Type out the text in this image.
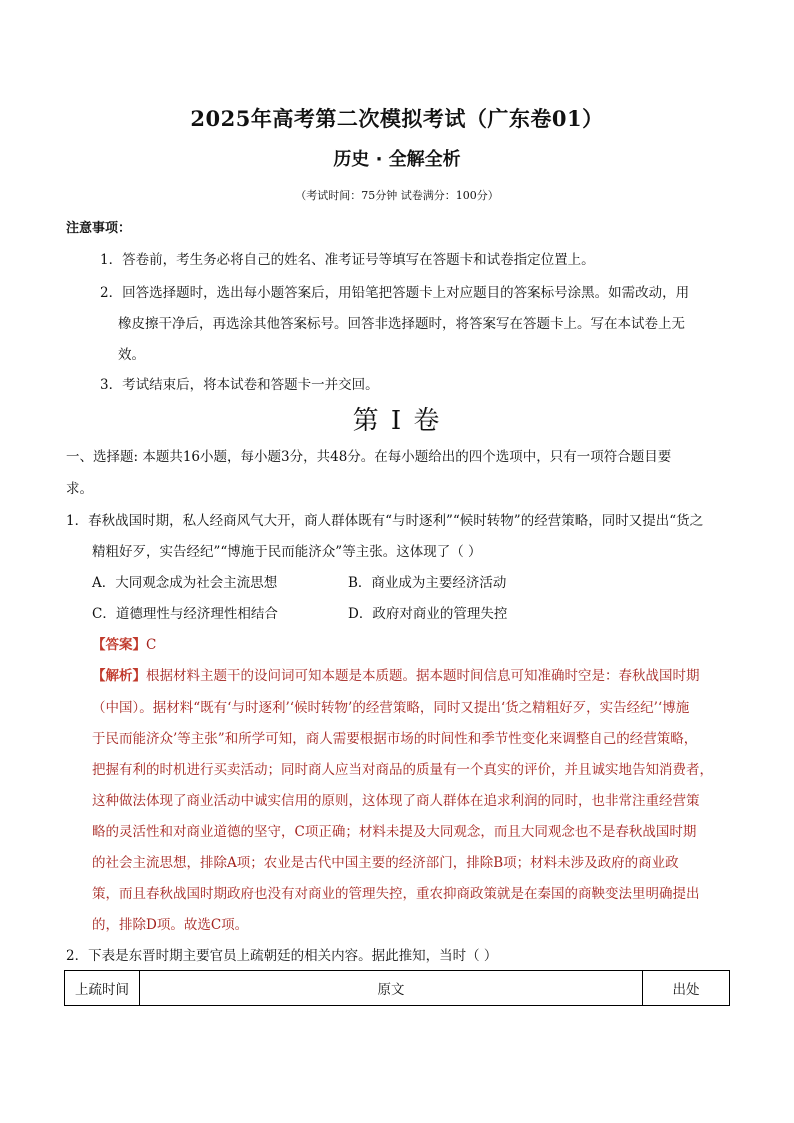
2025年高考第二次模拟考试（广东卷01）
历史 · 全解全析
（考试时间：75分钟 试卷满分：100分）
注意事项：
1．答卷前，考生务必将自己的姓名、准考证号等填写在答题卡和试卷指定位置上。
2．回答选择题时，选出每小题答案后，用铅笔把答题卡上对应题目的答案标号涂黑。如需改动，用
橡皮擦干净后，再选涂其他答案标号。回答非选择题时，将答案写在答题卡上。写在本试卷上无
效。
3．考试结束后，将本试卷和答题卡一并交回。
第 I 卷
一、选择题: 本题共16小题，每小题3分，共48分。在每小题给出的四个选项中，只有一项符合题目要
求。
1．春秋战国时期，私人经商风气大开，商人群体既有“与时逐利”“候时转物”的经营策略，同时又提出“货之
精粗好歹，实告经纪”“博施于民而能济众”等主张。这体现了（ ）
A．大同观念成为社会主流思想	B．商业成为主要经济活动
C．道德理性与经济理性相结合	D．政府对商业的管理失控
【答案】C
【解析】根据材料主题干的设问词可知本题是本质题。据本题时间信息可知准确时空是：春秋战国时期
（中国）。据材料“既有‘与时逐利’‘候时转物’的经营策略，同时又提出‘货之精粗好歹，实告经纪’‘博施
于民而能济众’等主张”和所学可知，商人需要根据市场的时间性和季节性变化来调整自己的经营策略，
把握有利的时机进行买卖活动；同时商人应当对商品的质量有一个真实的评价，并且诚实地告知消费者，
这种做法体现了商业活动中诚实信用的原则，这体现了商人群体在追求利润的同时，也非常注重经营策
略的灵活性和对商业道德的坚守，C项正确；材料未提及大同观念，而且大同观念也不是春秋战国时期
的社会主流思想，排除A项；农业是古代中国主要的经济部门，排除B项；材料未涉及政府的商业政
策，而且春秋战国时期政府也没有对商业的管理失控，重农抑商政策就是在秦国的商鞅变法里明确提出
的，排除D项。故选C项。
2．下表是东晋时期主要官员上疏朝廷的相关内容。据此推知，当时（ ）
上疏时间	原文	出处
